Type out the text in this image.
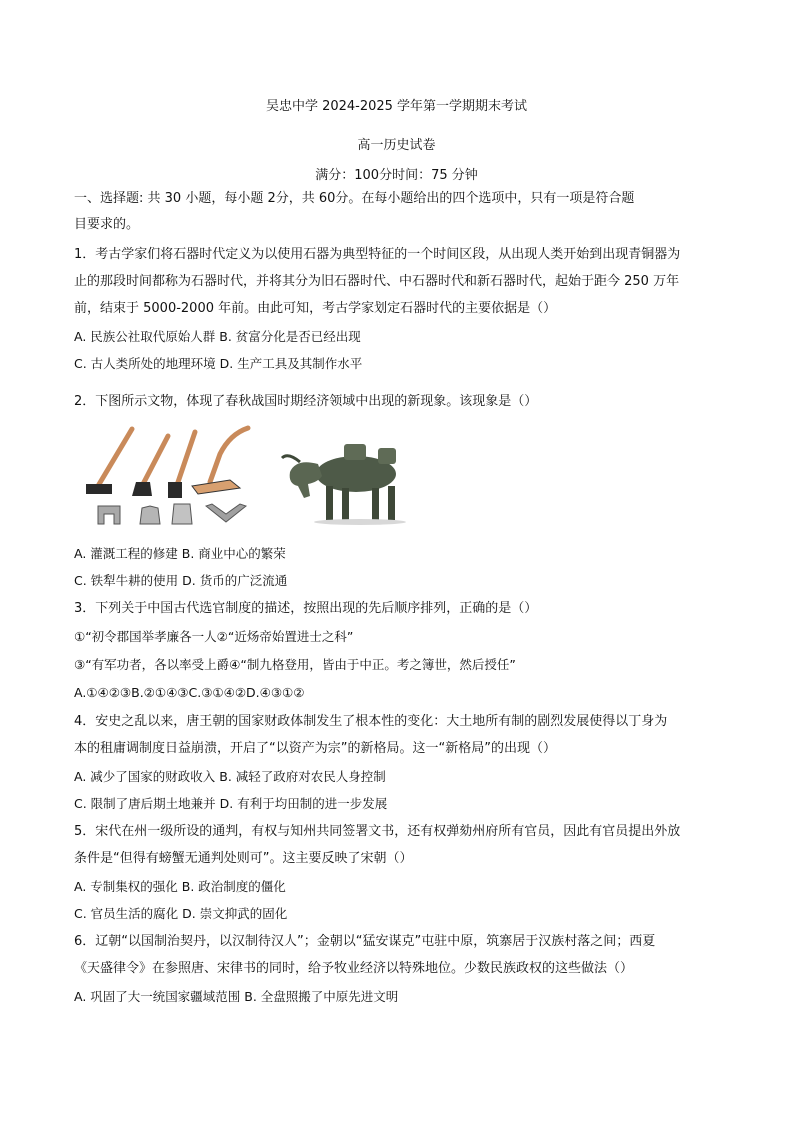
吴忠中学 2024-2025 学年第一学期期末考试
高一历史试卷
满分：100分时间：75 分钟
一、选择题: 共 30 小题，每小题 2分，共 60分。在每小题给出的四个选项中，只有一项是符合题
目要求的。
1．考古学家们将石器时代定义为以使用石器为典型特征的一个时间区段，从出现人类开始到出现青铜器为
止的那段时间都称为石器时代，并将其分为旧石器时代、中石器时代和新石器时代，起始于距今 250 万年
前，结束于 5000-2000 年前。由此可知，考古学家划定石器时代的主要依据是（）
A. 民族公社取代原始人群 B. 贫富分化是否已经出现
C. 古人类所处的地理环境 D. 生产工具及其制作水平
2．下图所示文物，体现了春秋战国时期经济领域中出现的新现象。该现象是（）
A. 灌溉工程的修建 B. 商业中心的繁荣
C. 铁犁牛耕的使用 D. 货币的广泛流通
3．下列关于中国古代选官制度的描述，按照出现的先后顺序排列，正确的是（）
①“初令郡国举孝廉各一人②“近炀帝始置进士之科”
③“有军功者，各以率受上爵④“制九格登用，皆由于中正。考之簿世，然后授任”
A.①④②③B.②①④③C.③①④②D.④③①②
4．安史之乱以来，唐王朝的国家财政体制发生了根本性的变化：大土地所有制的剧烈发展使得以丁身为
本的租庸调制度日益崩溃，开启了“以资产为宗”的新格局。这一“新格局”的出现（）
A. 减少了国家的财政收入 B. 减轻了政府对农民人身控制
C. 限制了唐后期土地兼并 D. 有利于均田制的进一步发展
5．宋代在州一级所设的通判，有权与知州共同签署文书，还有权弹劾州府所有官员，因此有官员提出外放
条件是“但得有螃蟹无通判处则可”。这主要反映了宋朝（）
A. 专制集权的强化 B. 政治制度的僵化
C. 官员生活的腐化 D. 崇文抑武的固化
6．辽朝“以国制治契丹，以汉制待汉人”；金朝以“猛安谋克”屯驻中原，筑寨居于汉族村落之间；西夏
《天盛律令》在参照唐、宋律书的同时，给予牧业经济以特殊地位。少数民族政权的这些做法（）
A. 巩固了大一统国家疆域范围 B. 全盘照搬了中原先进文明
